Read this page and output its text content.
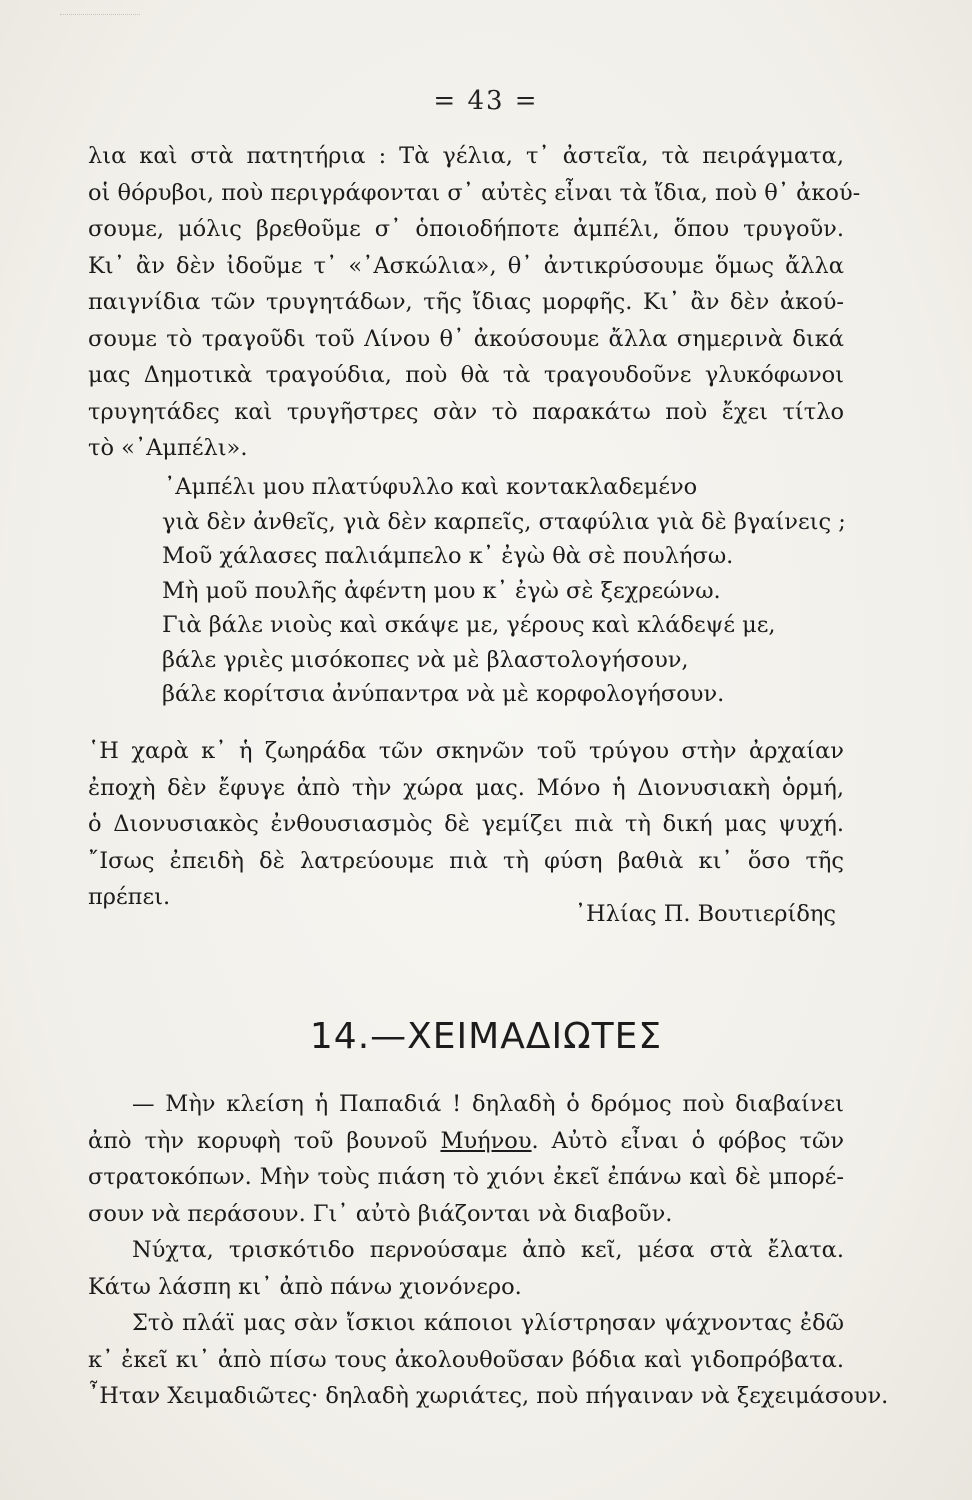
= 43 =
λια καὶ στὰ πατητήρια : Τὰ γέλια, τ᾿ ἀστεῖα, τὰ πειράγματα,
οἱ θόρυβοι, ποὺ περιγράφονται σ᾿ αὐτὲς εἶναι τὰ ἴδια, ποὺ θ᾿ ἀκού-
σουμε, μόλις βρεθοῦμε σ᾿ ὁποιοδήποτε ἀμπέλι, ὅπου τρυγοῦν.
Κι᾿ ἂν δὲν ἰδοῦμε τ᾿ «᾿Ασκώλια», θ᾿ ἀντικρύσουμε ὅμως ἄλλα
παιγνίδια τῶν τρυγητάδων, τῆς ἴδιας μορφῆς. Κι᾿ ἂν δὲν ἀκού-
σουμε τὸ τραγοῦδι τοῦ Λίνου θ᾿ ἀκούσουμε ἄλλα σημερινὰ δικά
μας Δημοτικὰ τραγούδια, ποὺ θὰ τὰ τραγουδοῦνε γλυκόφωνοι
τρυγητάδες καὶ τρυγῆστρες σὰν τὸ παρακάτω ποὺ ἔχει τίτλο
τὸ «᾿Αμπέλι».
᾿Αμπέλι μου πλατύφυλλο καὶ κοντακλαδεμένο
γιὰ δὲν ἀνθεῖς, γιὰ δὲν καρπεῖς, σταφύλια γιὰ δὲ βγαίνεις ;
Μοῦ χάλασες παλιάμπελο κ᾿ ἐγὼ θὰ σὲ πουλήσω.
Μὴ μοῦ πουλῆς ἀφέντη μου κ᾿ ἐγὼ σὲ ξεχρεώνω.
Γιὰ βάλε νιοὺς καὶ σκάψε με, γέρους καὶ κλάδεψέ με,
βάλε γριὲς μισόκοπες νὰ μὲ βλαστολογήσουν,
βάλε κορίτσια ἀνύπαντρα νὰ μὲ κορφολογήσουν.
῾Η χαρὰ κ᾿ ἡ ζωηράδα τῶν σκηνῶν τοῦ τρύγου στὴν ἀρχαίαν
ἐποχὴ δὲν ἔφυγε ἀπὸ τὴν χώρα μας. Μόνο ἡ Διονυσιακὴ ὁρμή,
ὁ Διονυσιακὸς ἐνθουσιασμὸς δὲ γεμίζει πιὰ τὴ δική μας ψυχή.
῎Ισως ἐπειδὴ δὲ λατρεύουμε πιὰ τὴ φύση βαθιὰ κι᾿ ὅσο τῆς
πρέπει.
᾿Ηλίας Π. Βουτιερίδης
14.—ΧΕΙΜΑΔΙΩΤΕΣ
— Μὴν κλείση ἡ Παπαδιά ! δηλαδὴ ὁ δρόμος ποὺ διαβαίνει
ἀπὸ τὴν κορυφὴ τοῦ βουνοῦ Μυήνου. Αὐτὸ εἶναι ὁ φόβος τῶν
στρατοκόπων. Μὴν τοὺς πιάση τὸ χιόνι ἐκεῖ ἐπάνω καὶ δὲ μπορέ-
σουν νὰ περάσουν. Γι᾿ αὐτὸ βιάζονται νὰ διαβοῦν.
Νύχτα, τρισκότιδο περνούσαμε ἀπὸ κεῖ, μέσα στὰ ἔλατα.
Κάτω λάσπη κι᾿ ἀπὸ πάνω χιονόνερο.
Στὸ πλάϊ μας σὰν ἴσκιοι κάποιοι γλίστρησαν ψάχνοντας ἐδῶ
κ᾿ ἐκεῖ κι᾿ ἀπὸ πίσω τους ἀκολουθοῦσαν βόδια καὶ γιδοπρόβατα.
῏Ηταν Χειμαδιῶτες· δηλαδὴ χωριάτες, ποὺ πήγαιναν νὰ ξεχειμάσουν.
